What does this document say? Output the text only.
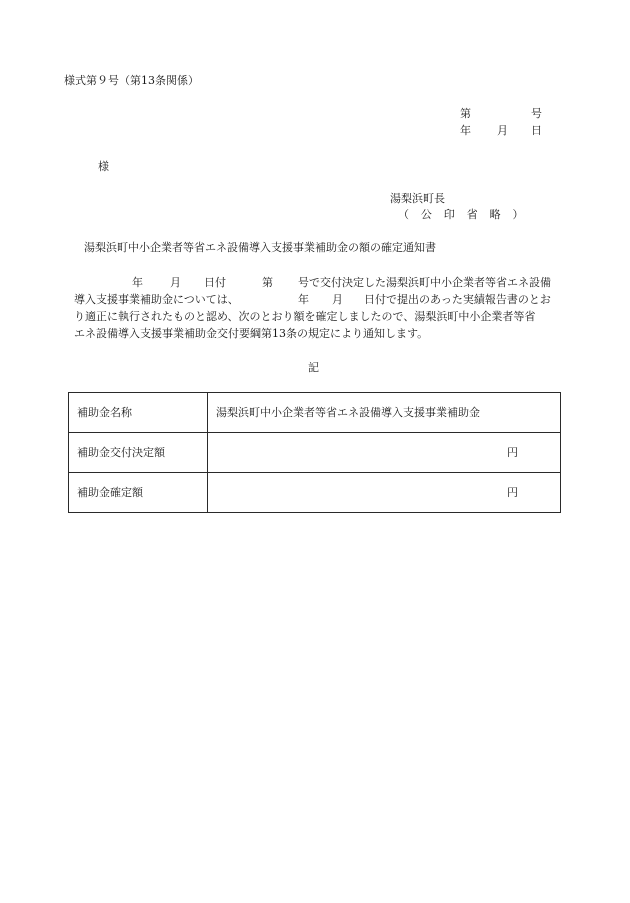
様式第９号（第13条関係）
第	号
年 月 日
様
湯梨浜町長
（ 公 印 省 略 ）
湯梨浜町中小企業者等省エネ設備導入支援事業補助金の額の確定通知書
年 月 日付	第 号で交付決定した湯梨浜町中小企業者等省エネ設備
導入支援事業補助金については、	年 月 日付で提出のあった実績報告書のとお
り適正に執行されたものと認め、次のとおり額を確定しましたので、湯梨浜町中小企業者等省
エネ設備導入支援事業補助金交付要綱第13条の規定により通知します。
記
補助金名称	湯梨浜町中小企業者等省エネ設備導入支援事業補助金
補助金交付決定額	円

補助金確定額	円
